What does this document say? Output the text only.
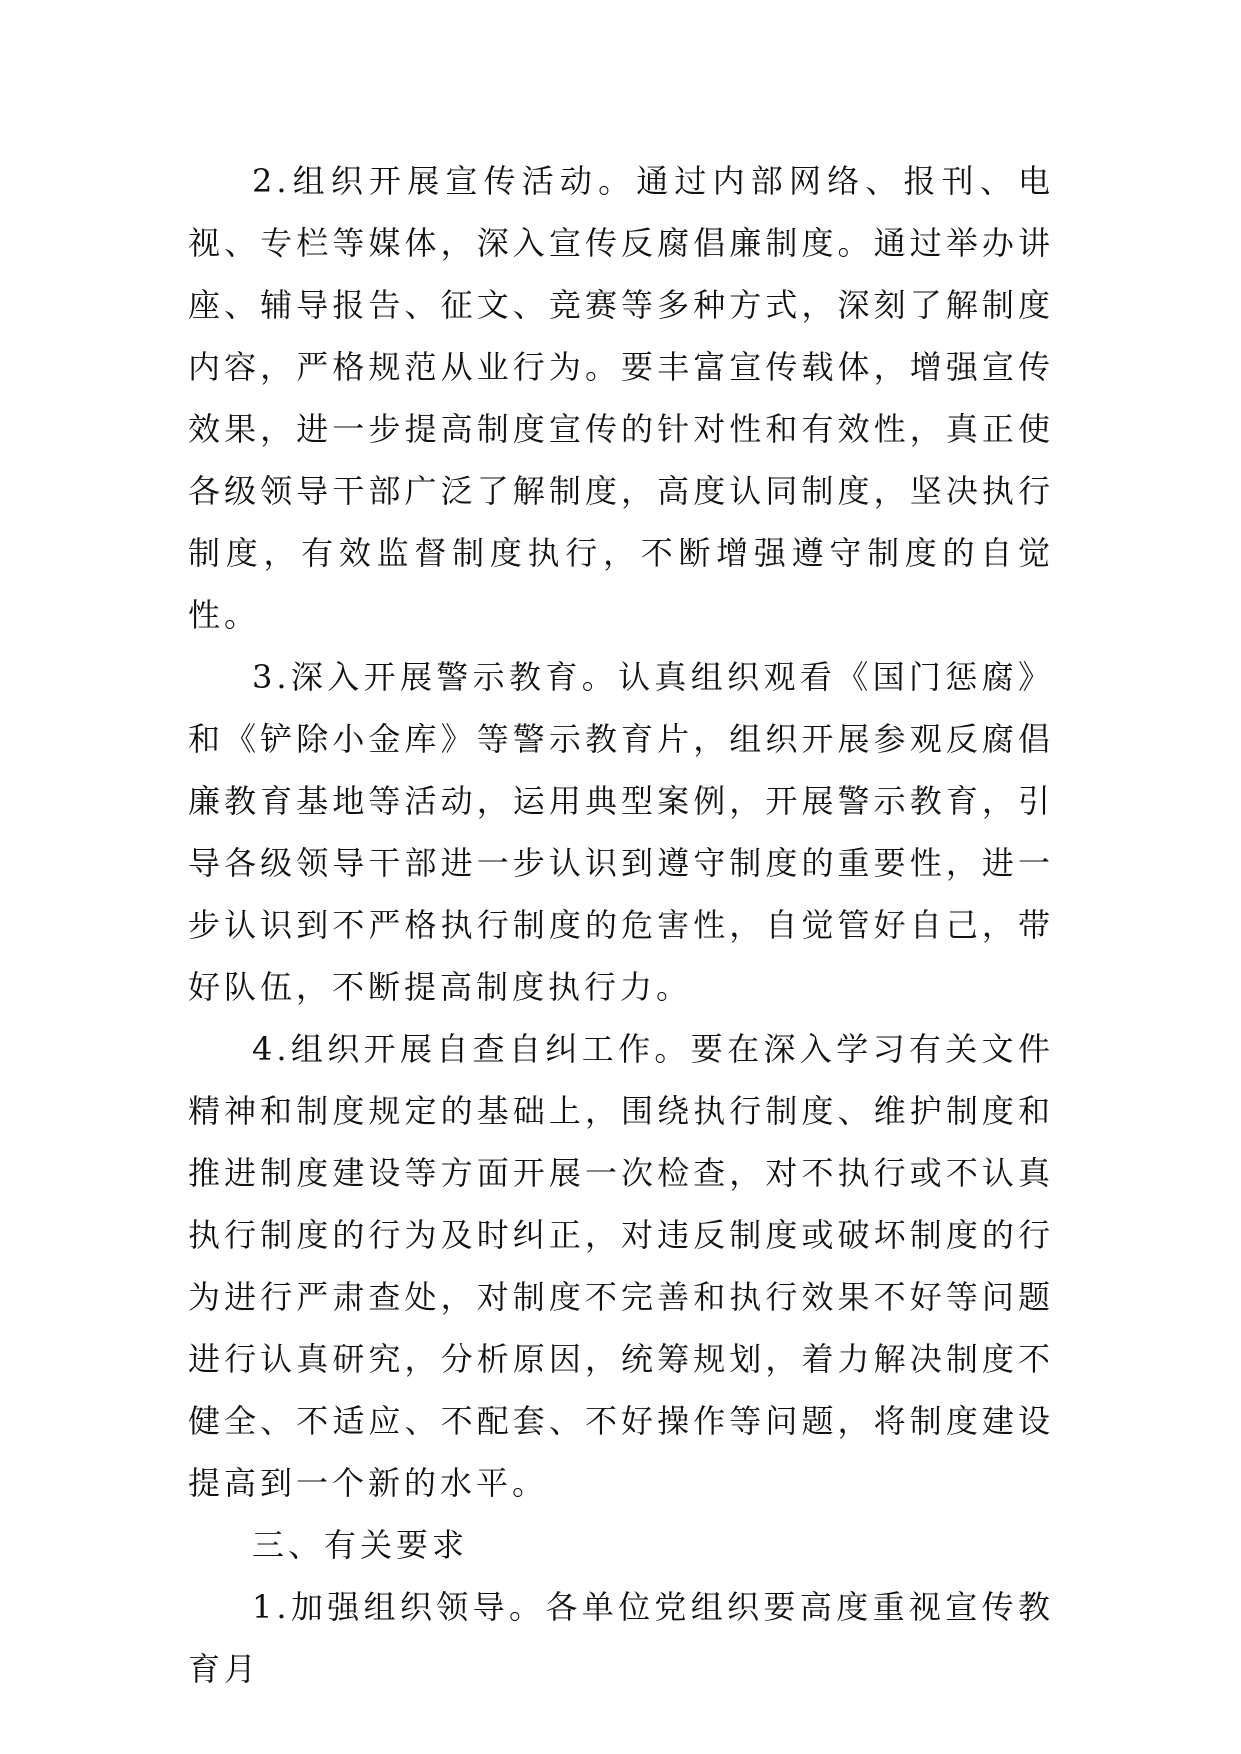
2.组织开展宣传活动。通过内部网络、报刊、电视、专栏等媒体，深入宣传反腐倡廉制度。通过举办讲座、辅导报告、征文、竞赛等多种方式，深刻了解制度内容，严格规范从业行为。要丰富宣传载体，增强宣传效果，进一步提高制度宣传的针对性和有效性，真正使各级领导干部广泛了解制度，高度认同制度，坚决执行制度，有效监督制度执行，不断增强遵守制度的自觉性。

3.深入开展警示教育。认真组织观看《国门惩腐》和《铲除小金库》等警示教育片，组织开展参观反腐倡廉教育基地等活动，运用典型案例，开展警示教育，引导各级领导干部进一步认识到遵守制度的重要性，进一步认识到不严格执行制度的危害性，自觉管好自己，带好队伍，不断提高制度执行力。

4.组织开展自查自纠工作。要在深入学习有关文件精神和制度规定的基础上，围绕执行制度、维护制度和推进制度建设等方面开展一次检查，对不执行或不认真执行制度的行为及时纠正，对违反制度或破坏制度的行为进行严肃查处，对制度不完善和执行效果不好等问题进行认真研究，分析原因，统筹规划，着力解决制度不健全、不适应、不配套、不好操作等问题，将制度建设提高到一个新的水平。

三、有关要求

1.加强组织领导。各单位党组织要高度重视宣传教育月
